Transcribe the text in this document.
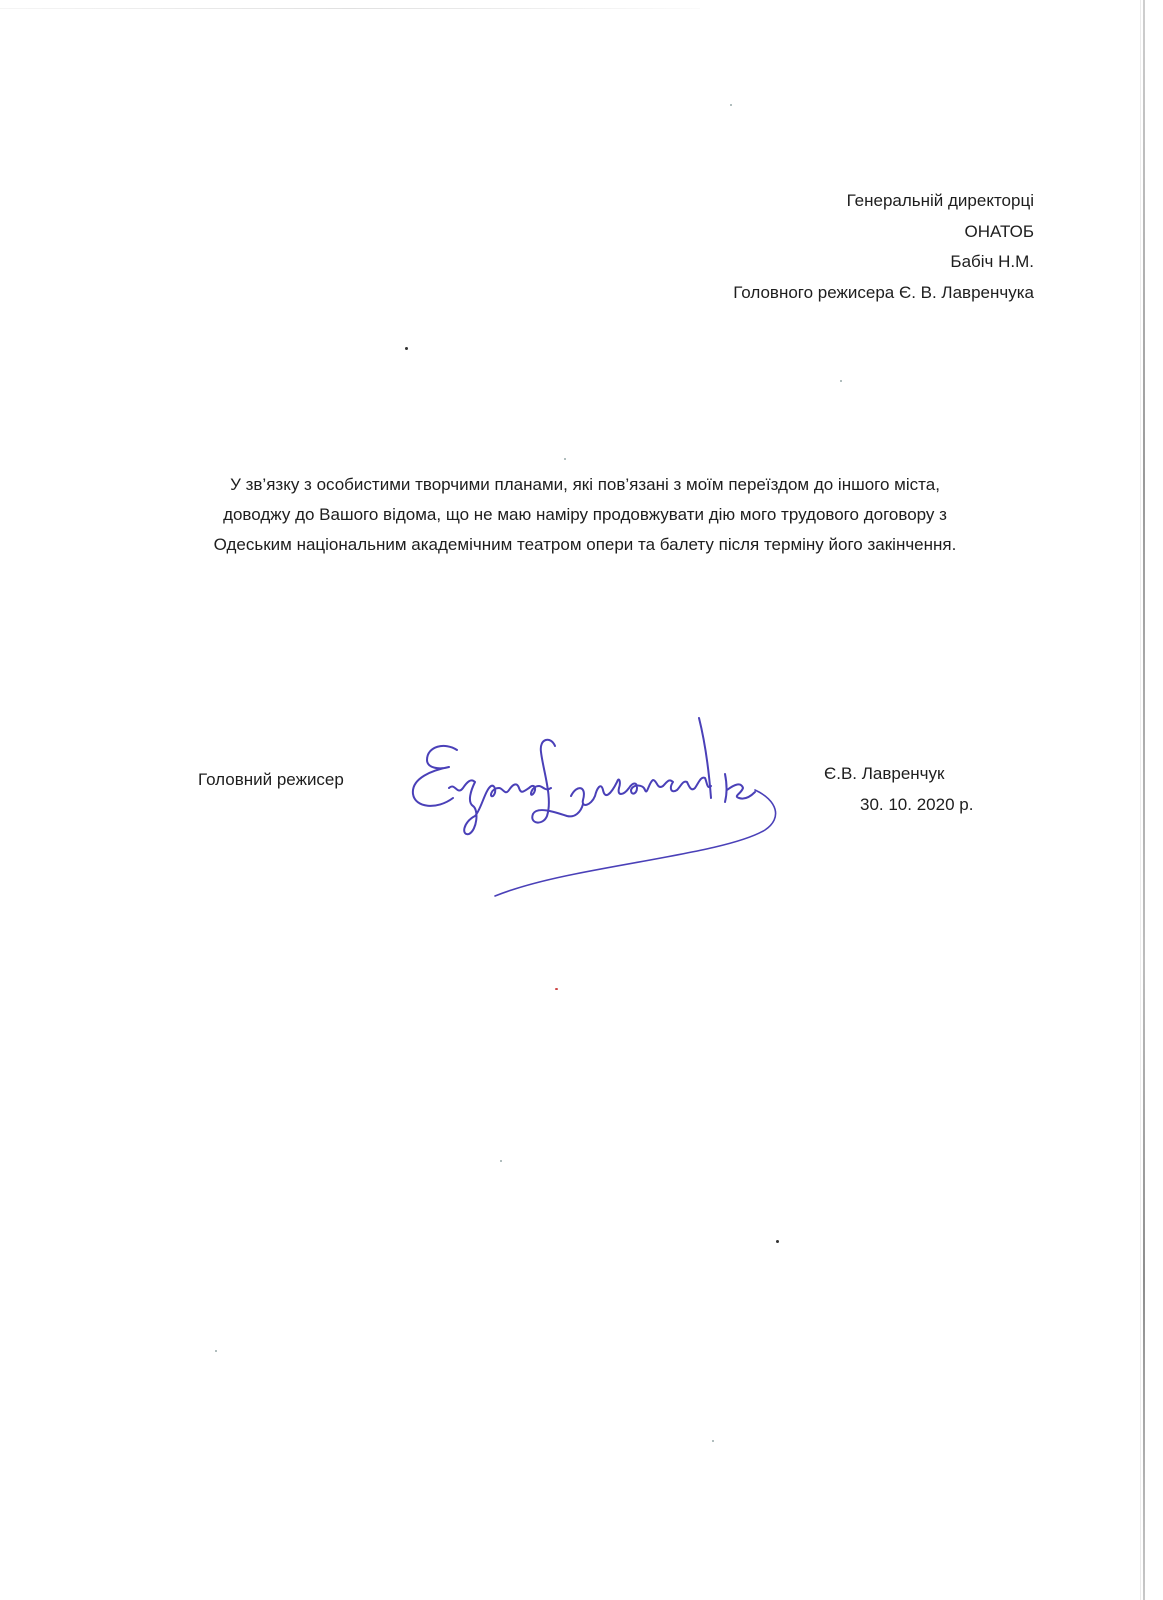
Генеральній директорці
ОНАТОБ
Бабіч Н.М.
Головного режисера Є. В. Лавренчука

У зв’язку з особистими творчими планами, які пов’язані з моїм переїздом до іншого міста,

доводжу до Вашого відома, що не маю наміру продовжувати дію мого трудового договору з

Одеським національним академічним театром опери та балету після терміну його закінчення.

Головний режисер	Є.В. Лавренчук
30. 10. 2020 р.
